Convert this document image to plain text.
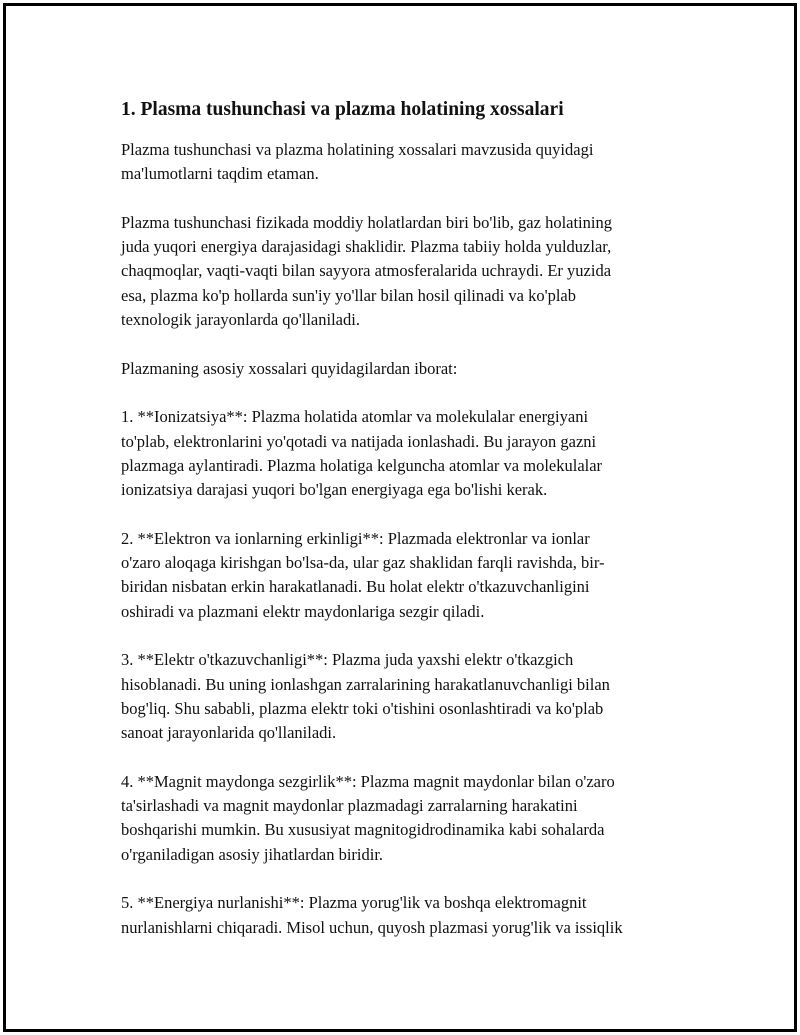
1. Plasma tushunchasi va plazma holatining xossalari

Plazma tushunchasi va plazma holatining xossalari mavzusida quyidagi
ma'lumotlarni taqdim etaman.

Plazma tushunchasi fizikada moddiy holatlardan biri bo'lib, gaz holatining
juda yuqori energiya darajasidagi shaklidir. Plazma tabiiy holda yulduzlar,
chaqmoqlar, vaqti-vaqti bilan sayyora atmosferalarida uchraydi. Er yuzida
esa, plazma ko'p hollarda sun'iy yo'llar bilan hosil qilinadi va ko'plab
texnologik jarayonlarda qo'llaniladi.

Plazmaning asosiy xossalari quyidagilardan iborat:

1. **Ionizatsiya**: Plazma holatida atomlar va molekulalar energiyani
to'plab, elektronlarini yo'qotadi va natijada ionlashadi. Bu jarayon gazni
plazmaga aylantiradi. Plazma holatiga kelguncha atomlar va molekulalar
ionizatsiya darajasi yuqori bo'lgan energiyaga ega bo'lishi kerak.

2. **Elektron va ionlarning erkinligi**: Plazmada elektronlar va ionlar
o'zaro aloqaga kirishgan bo'lsa-da, ular gaz shaklidan farqli ravishda, bir-
biridan nisbatan erkin harakatlanadi. Bu holat elektr o'tkazuvchanligini
oshiradi va plazmani elektr maydonlariga sezgir qiladi.

3. **Elektr o'tkazuvchanligi**: Plazma juda yaxshi elektr o'tkazgich
hisoblanadi. Bu uning ionlashgan zarralarining harakatlanuvchanligi bilan
bog'liq. Shu sababli, plazma elektr toki o'tishini osonlashtiradi va ko'plab
sanoat jarayonlarida qo'llaniladi.

4. **Magnit maydonga sezgirlik**: Plazma magnit maydonlar bilan o'zaro
ta'sirlashadi va magnit maydonlar plazmadagi zarralarning harakatini
boshqarishi mumkin. Bu xususiyat magnitogidrodinamika kabi sohalarda
o'rganiladigan asosiy jihatlardan biridir.

5. **Energiya nurlanishi**: Plazma yorug'lik va boshqa elektromagnit
nurlanishlarni chiqaradi. Misol uchun, quyosh plazmasi yorug'lik va issiqlik
